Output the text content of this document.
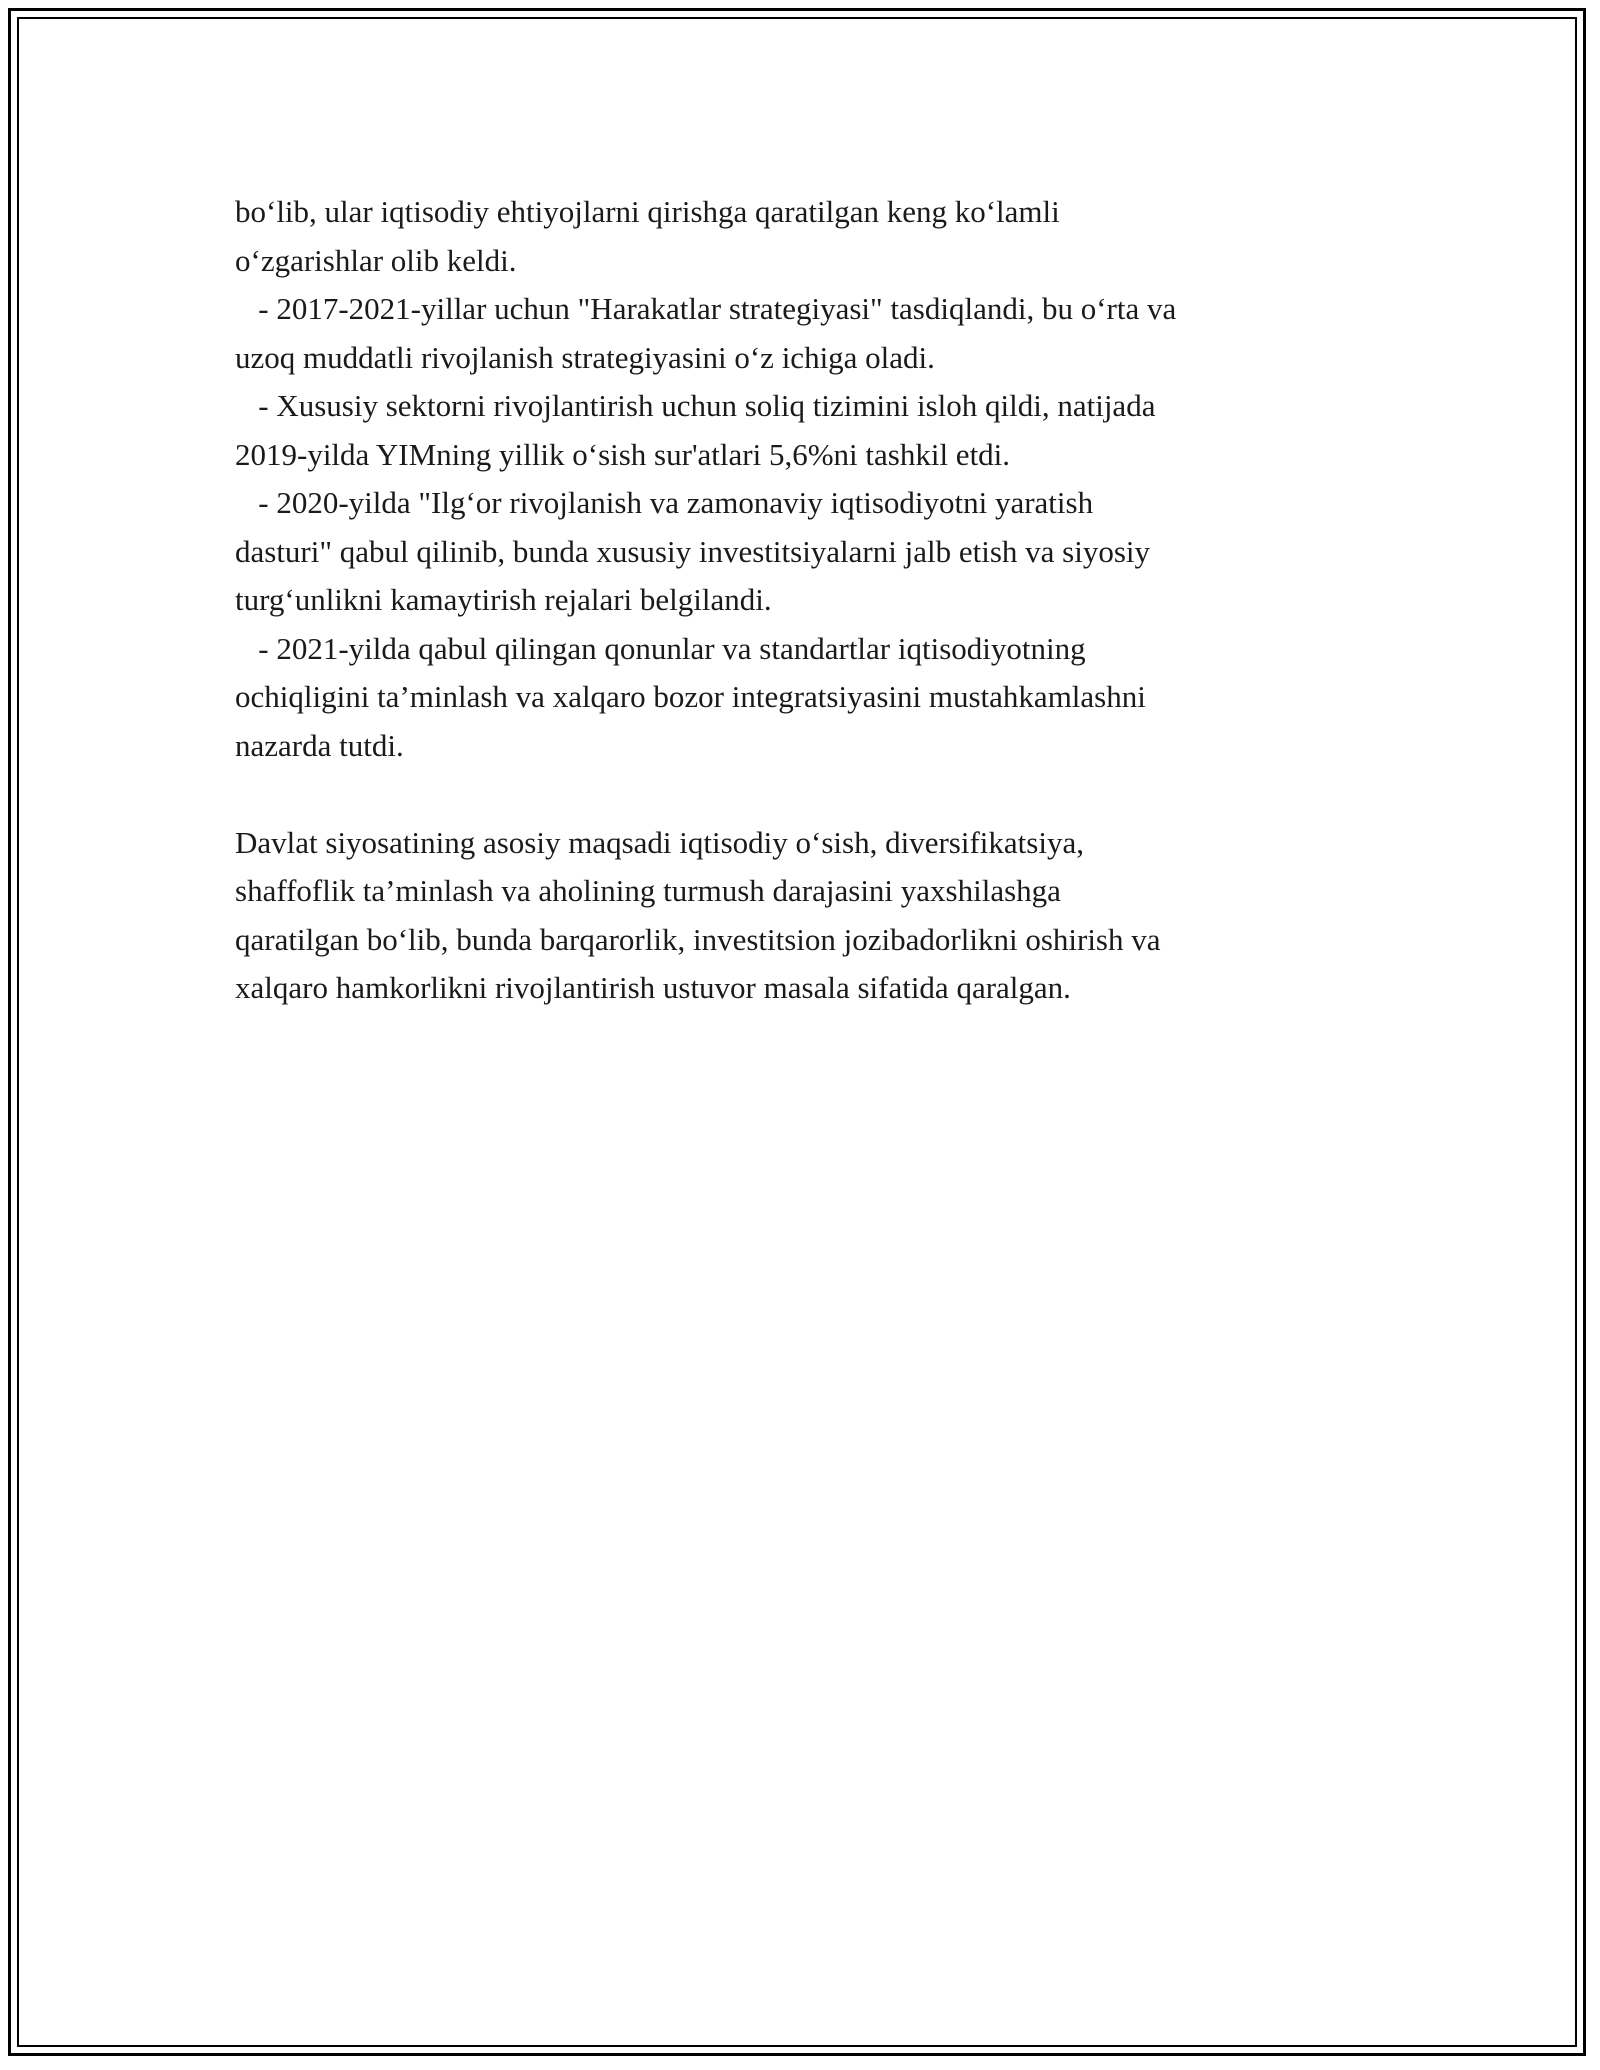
bo‘lib, ular iqtisodiy ehtiyojlarni qirishga qaratilgan keng ko‘lamli
o‘zgarishlar olib keldi.
- 2017-2021-yillar uchun "Harakatlar strategiyasi" tasdiqlandi, bu o‘rta va
uzoq muddatli rivojlanish strategiyasini o‘z ichiga oladi.
- Xususiy sektorni rivojlantirish uchun soliq tizimini isloh qildi, natijada
2019-yilda YIMning yillik o‘sish sur'atlari 5,6%ni tashkil etdi.
- 2020-yilda "Ilg‘or rivojlanish va zamonaviy iqtisodiyotni yaratish
dasturi" qabul qilinib, bunda xususiy investitsiyalarni jalb etish va siyosiy
turg‘unlikni kamaytirish rejalari belgilandi.
- 2021-yilda qabul qilingan qonunlar va standartlar iqtisodiyotning
ochiqligini ta’minlash va xalqaro bozor integratsiyasini mustahkamlashni
nazarda tutdi.
Davlat siyosatining asosiy maqsadi iqtisodiy o‘sish, diversifikatsiya,
shaffoflik ta’minlash va aholining turmush darajasini yaxshilashga
qaratilgan bo‘lib, bunda barqarorlik, investitsion jozibadorlikni oshirish va
xalqaro hamkorlikni rivojlantirish ustuvor masala sifatida qaralgan.
